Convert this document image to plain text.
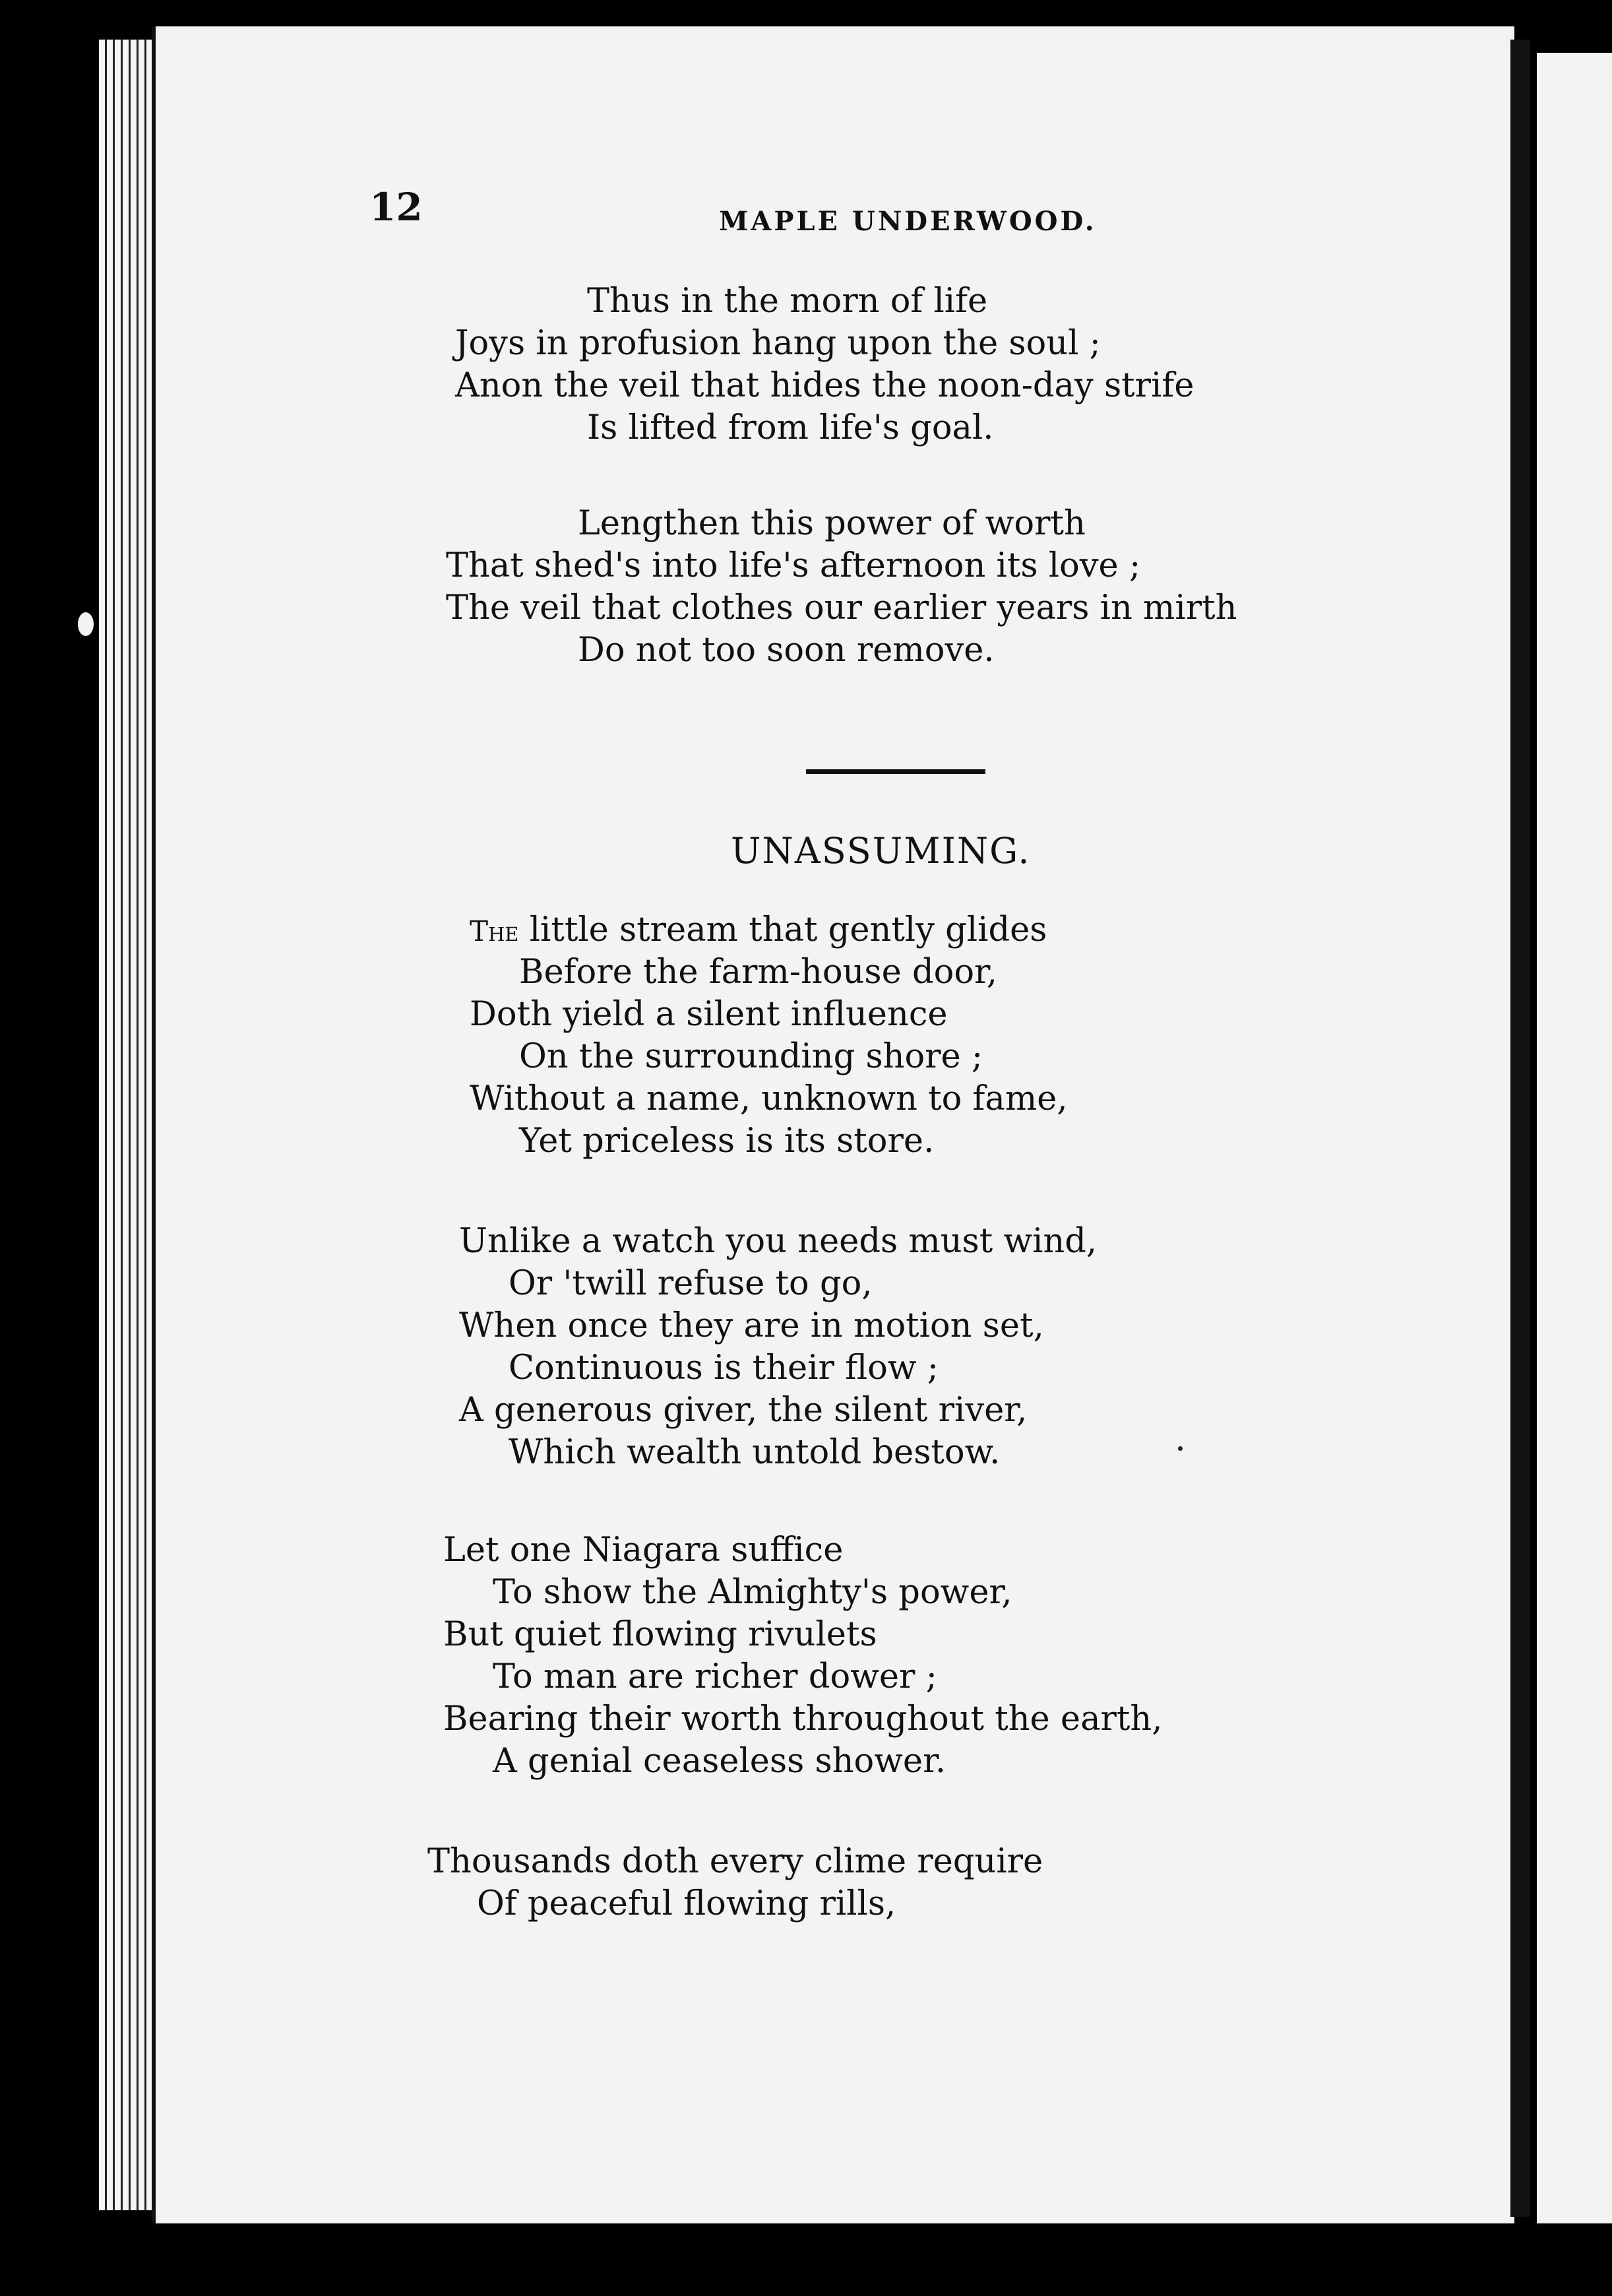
12	MAPLE UNDERWOOD.
Thus in the morn of life
Joys in profusion hang upon the soul ;
Anon the veil that hides the noon-day strife
Is lifted from life's goal.
Lengthen this power of worth
That shed's into life's afternoon its love ;
The veil that clothes our earlier years in mirth
Do not too soon remove.
UNASSUMING.
The little stream that gently glides
Before the farm-house door,
Doth yield a silent influence
On the surrounding shore ;
Without a name, unknown to fame,
Yet priceless is its store.
Unlike a watch you needs must wind,
Or 'twill refuse to go,
When once they are in motion set,
Continuous is their flow ;
A generous giver, the silent river,
Which wealth untold bestow.
Let one Niagara suffice
To show the Almighty's power,
But quiet flowing rivulets
To man are richer dower ;
Bearing their worth throughout the earth,
A genial ceaseless shower.
Thousands doth every clime require
Of peaceful flowing rills,
